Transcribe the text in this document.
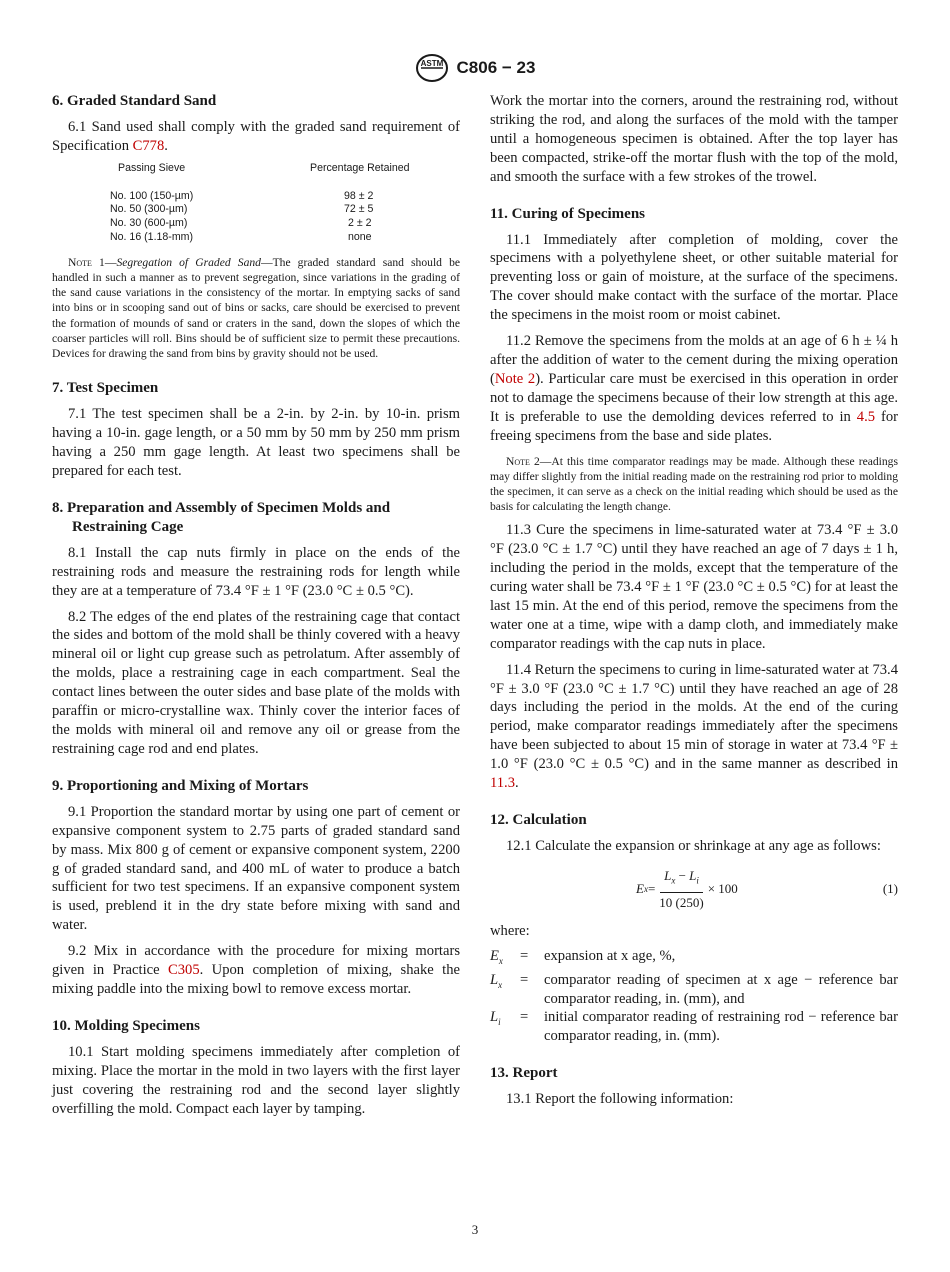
ASTM C806 − 23
6. Graded Standard Sand

6.1 Sand used shall comply with the graded sand requirement of Specification C778.

Passing Sieve	Percentage Retained
No. 100 (150-µm)	98 ± 2
No. 50 (300-µm)	72 ± 5
No. 30 (600-µm)	2 ± 2
No. 16 (1.18-mm)	none

Note 1—Segregation of Graded Sand—The graded standard sand should be handled in such a manner as to prevent segregation, since variations in the grading of the sand cause variations in the consistency of the mortar. In emptying sacks of sand into bins or in scooping sand out of bins or sacks, care should be exercised to prevent the formation of mounds of sand or craters in the sand, down the slopes of which the coarser particles will roll. Bins should be of sufficient size to permit these precautions. Devices for drawing the sand from bins by gravity should not be used.

7. Test Specimen

7.1 The test specimen shall be a 2-in. by 2-in. by 10-in. prism having a 10-in. gage length, or a 50 mm by 50 mm by 250 mm prism having a 250 mm gage length. At least two specimens shall be prepared for each test.

8. Preparation and Assembly of Specimen Molds and Restraining Cage

8.1 Install the cap nuts firmly in place on the ends of the restraining rods and measure the restraining rods for length while they are at a temperature of 73.4 °F ± 1 °F (23.0 °C ± 0.5 °C).

8.2 The edges of the end plates of the restraining cage that contact the sides and bottom of the mold shall be thinly covered with a heavy mineral oil or light cup grease such as petrolatum. After assembly of the molds, place a restraining cage in each compartment. Seal the contact lines between the outer sides and base plate of the molds with paraffin or micro-crystalline wax. Thinly cover the interior faces of the molds with mineral oil and remove any oil or grease from the restraining cage rod and end plates.

9. Proportioning and Mixing of Mortars

9.1 Proportion the standard mortar by using one part of cement or expansive component system to 2.75 parts of graded standard sand by mass. Mix 800 g of cement or expansive component system, 2200 g of graded standard sand, and 400 mL of water to produce a batch sufficient for two test specimens. If an expansive component system is used, preblend it in the dry state before mixing with sand and water.

9.2 Mix in accordance with the procedure for mixing mortars given in Practice C305. Upon completion of mixing, shake the mixing paddle into the mixing bowl to remove excess mortar.

10. Molding Specimens

10.1 Start molding specimens immediately after completion of mixing. Place the mortar in the mold in two layers with the first layer just covering the restraining rod and the second layer slightly overfilling the mold. Compact each layer by tamping.

Work the mortar into the corners, around the restraining rod, without striking the rod, and along the surfaces of the mold with the tamper until a homogeneous specimen is obtained. After the top layer has been compacted, strike-off the mortar flush with the top of the mold, and smooth the surface with a few strokes of the trowel.

11. Curing of Specimens

11.1 Immediately after completion of molding, cover the specimens with a polyethylene sheet, or other suitable material for preventing loss or gain of moisture, at the surface of the specimens. The cover should make contact with the surface of the mortar. Place the specimens in the moist room or moist cabinet.

11.2 Remove the specimens from the molds at an age of 6 h ± ¼ h after the addition of water to the cement during the mixing operation (Note 2). Particular care must be exercised in this operation in order not to damage the specimens because of their low strength at this age. It is preferable to use the demolding devices referred to in 4.5 for freeing specimens from the base and side plates.

Note 2—At this time comparator readings may be made. Although these readings may differ slightly from the initial reading made on the restraining rod prior to molding the specimen, it can serve as a check on the initial reading which should be used as the basis for calculating the length change.

11.3 Cure the specimens in lime-saturated water at 73.4 °F ± 3.0 °F (23.0 °C ± 1.7 °C) until they have reached an age of 7 days ± 1 h, including the period in the molds, except that the temperature of the curing water shall be 73.4 °F ± 1 °F (23.0 °C ± 0.5 °C) for at least the last 15 min. At the end of this period, remove the specimens from the water one at a time, wipe with a damp cloth, and immediately make comparator readings with the cap nuts in place.

11.4 Return the specimens to curing in lime-saturated water at 73.4 °F ± 3.0 °F (23.0 °C ± 1.7 °C) until they have reached an age of 28 days including the period in the molds. At the end of the curing period, make comparator readings immediately after the specimens have been subjected to about 15 min of storage in water at 73.4 °F ± 1.0 °F (23.0 °C ± 0.5 °C) and in the same manner as described in 11.3.

12. Calculation

12.1 Calculate the expansion or shrinkage at any age as follows:

E $x = \frac{L_x - L_i}{10 (250)} \times 100$	(1)

where:

$E_x$	=	expansion at x age, %,
$L_x$	=	comparator reading of specimen at x age − reference bar comparator reading, in. (mm), and
$L_i$	=	initial comparator reading of restraining rod − reference bar comparator reading, in. (mm).
13. Report

13.1 Report the following information:

3
